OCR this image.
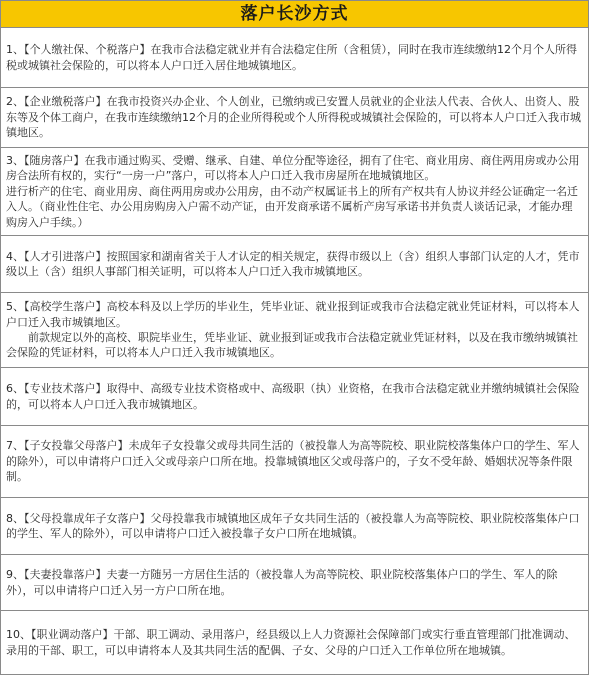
落户长沙方式

1、【个人缴社保、个税落户】在我市合法稳定就业并有合法稳定住所（含租赁），同时在我市连续缴纳12个月个人所得税或城镇社会保险的，可以将本人户口迁入居住地城镇地区。

2、【企业缴税落户】在我市投资兴办企业、个人创业，已缴纳或已安置人员就业的企业法人代表、合伙人、出资人、股东等及个体工商户，在我市连续缴纳12个月的企业所得税或个人所得税或城镇社会保险的，可以将本人户口迁入我市城镇地区。

3、【随房落户】在我市通过购买、受赠、继承、自建、单位分配等途径，拥有了住宅、商业用房、商住两用房或办公用房合法所有权的，实行“一房一户”落户，可以将本人户口迁入我市房屋所在地城镇地区。

进行析产的住宅、商业用房、商住两用房或办公用房，由不动产权属证书上的所有产权共有人协议并经公证确定一名迁入人。（商业性住宅、办公用房购房入户需不动产证，由开发商承诺不属析产房写承诺书并负责人谈话记录，才能办理购房入户手续。）

4、【人才引进落户】按照国家和湖南省关于人才认定的相关规定，获得市级以上（含）组织人事部门认定的人才，凭市级以上（含）组织人事部门相关证明，可以将本人户口迁入我市城镇地区。

5、【高校学生落户】高校本科及以上学历的毕业生，凭毕业证、就业报到证或我市合法稳定就业凭证材料，可以将本人户口迁入我市城镇地区。

前款规定以外的高校、职院毕业生，凭毕业证、就业报到证或我市合法稳定就业凭证材料，以及在我市缴纳城镇社会保险的凭证材料，可以将本人户口迁入我市城镇地区。

6、【专业技术落户】取得中、高级专业技术资格或中、高级职（执）业资格，在我市合法稳定就业并缴纳城镇社会保险的，可以将本人户口迁入我市城镇地区。

7、【子女投靠父母落户】未成年子女投靠父或母共同生活的（被投靠人为高等院校、职业院校落集体户口的学生、军人的除外），可以申请将户口迁入父或母亲户口所在地。投靠城镇地区父或母落户的，子女不受年龄、婚姻状况等条件限制。

8、【父母投靠成年子女落户】父母投靠我市城镇地区成年子女共同生活的（被投靠人为高等院校、职业院校落集体户口的学生、军人的除外），可以申请将户口迁入被投靠子女户口所在地城镇。

9、【夫妻投靠落户】夫妻一方随另一方居住生活的（被投靠人为高等院校、职业院校落集体户口的学生、军人的除外），可以申请将户口迁入另一方户口所在地。

10、【职业调动落户】干部、职工调动、录用落户，经县级以上人力资源社会保障部门或实行垂直管理部门批准调动、录用的干部、职工，可以申请将本人及其共同生活的配偶、子女、父母的户口迁入工作单位所在地城镇。
